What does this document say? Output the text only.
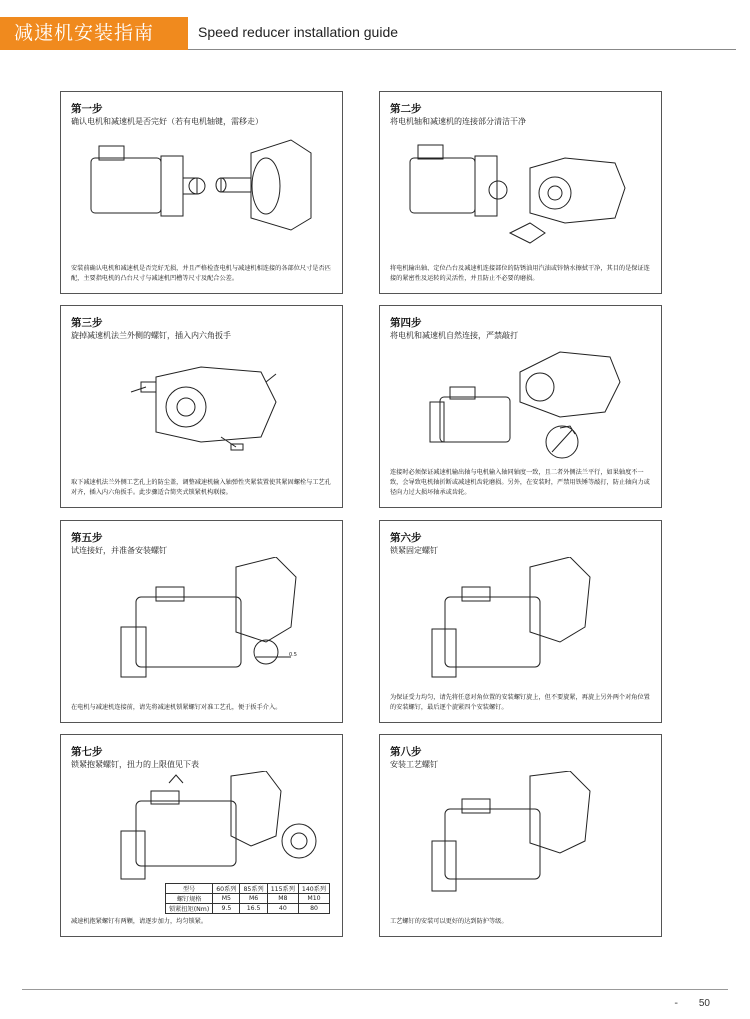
减速机安装指南	Speed reducer installation guide
第一步
确认电机和减速机是否完好（若有电机轴键，需移走）
安装前确认电机和减速机是否完好无损，并且严格检查电机与减速机相连接的各部位尺寸是否匹配，主要指电机的凸台尺寸与减速机凹槽等尺寸及配合公差。
第二步
将电机轴和减速机的连接部分清洁干净
将电机输出轴、定位凸台及减速机连接部位的防锈油用汽油或锌钠水擦拭干净，其目的是保证连接的紧密性及运转的灵活性，并且防止不必要的磨损。
第三步
旋掉减速机法兰外侧的螺钉，插入内六角扳手
取下减速机法兰外侧工艺孔上的防尘盖，调整减速机输入轴弹性夹紧装置使其紧固螺栓与工艺孔对齐，插入内六角扳手。此步骤适合简夹式锁紧机构联接。
第四步
将电机和减速机自然连接，严禁敲打
连接时必须保证减速机输出轴与电机输入轴同轴度一致，且二者外侧法兰平行，如果轴度不一致，会导致电机轴折断或减速机齿轮磨损。另外，在安装时，严禁用铁锤等敲打，防止轴向力或径向力过大损坏轴承或齿轮。
第五步
试连接好，并准备安装螺钉
0.5
在电机与减速机连接前，请先将减速机锁紧螺钉对准工艺孔，便于扳手介入。
第六步
锁紧固定螺钉
为保证受力均匀，请先将任意对角位置的安装螺钉旋上，但不要旋紧，再旋上另外两个对角位置的安装螺钉，最后逐个旋紧四个安装螺钉。
第七步
锁紧抱紧螺钉，扭力的上限值见下表
型号	60系列	85系列	115系列	140系列
螺钉规格	M5	M6	M8	M10
锁紧扭矩(Nm)	9.5	16.5	40	80
减速机抱紧螺钉有两颗，请逐步加力，均匀锁紧。
第八步
安装工艺螺钉
工艺螺钉的安装可以更好的达到防护等级。
- 50
